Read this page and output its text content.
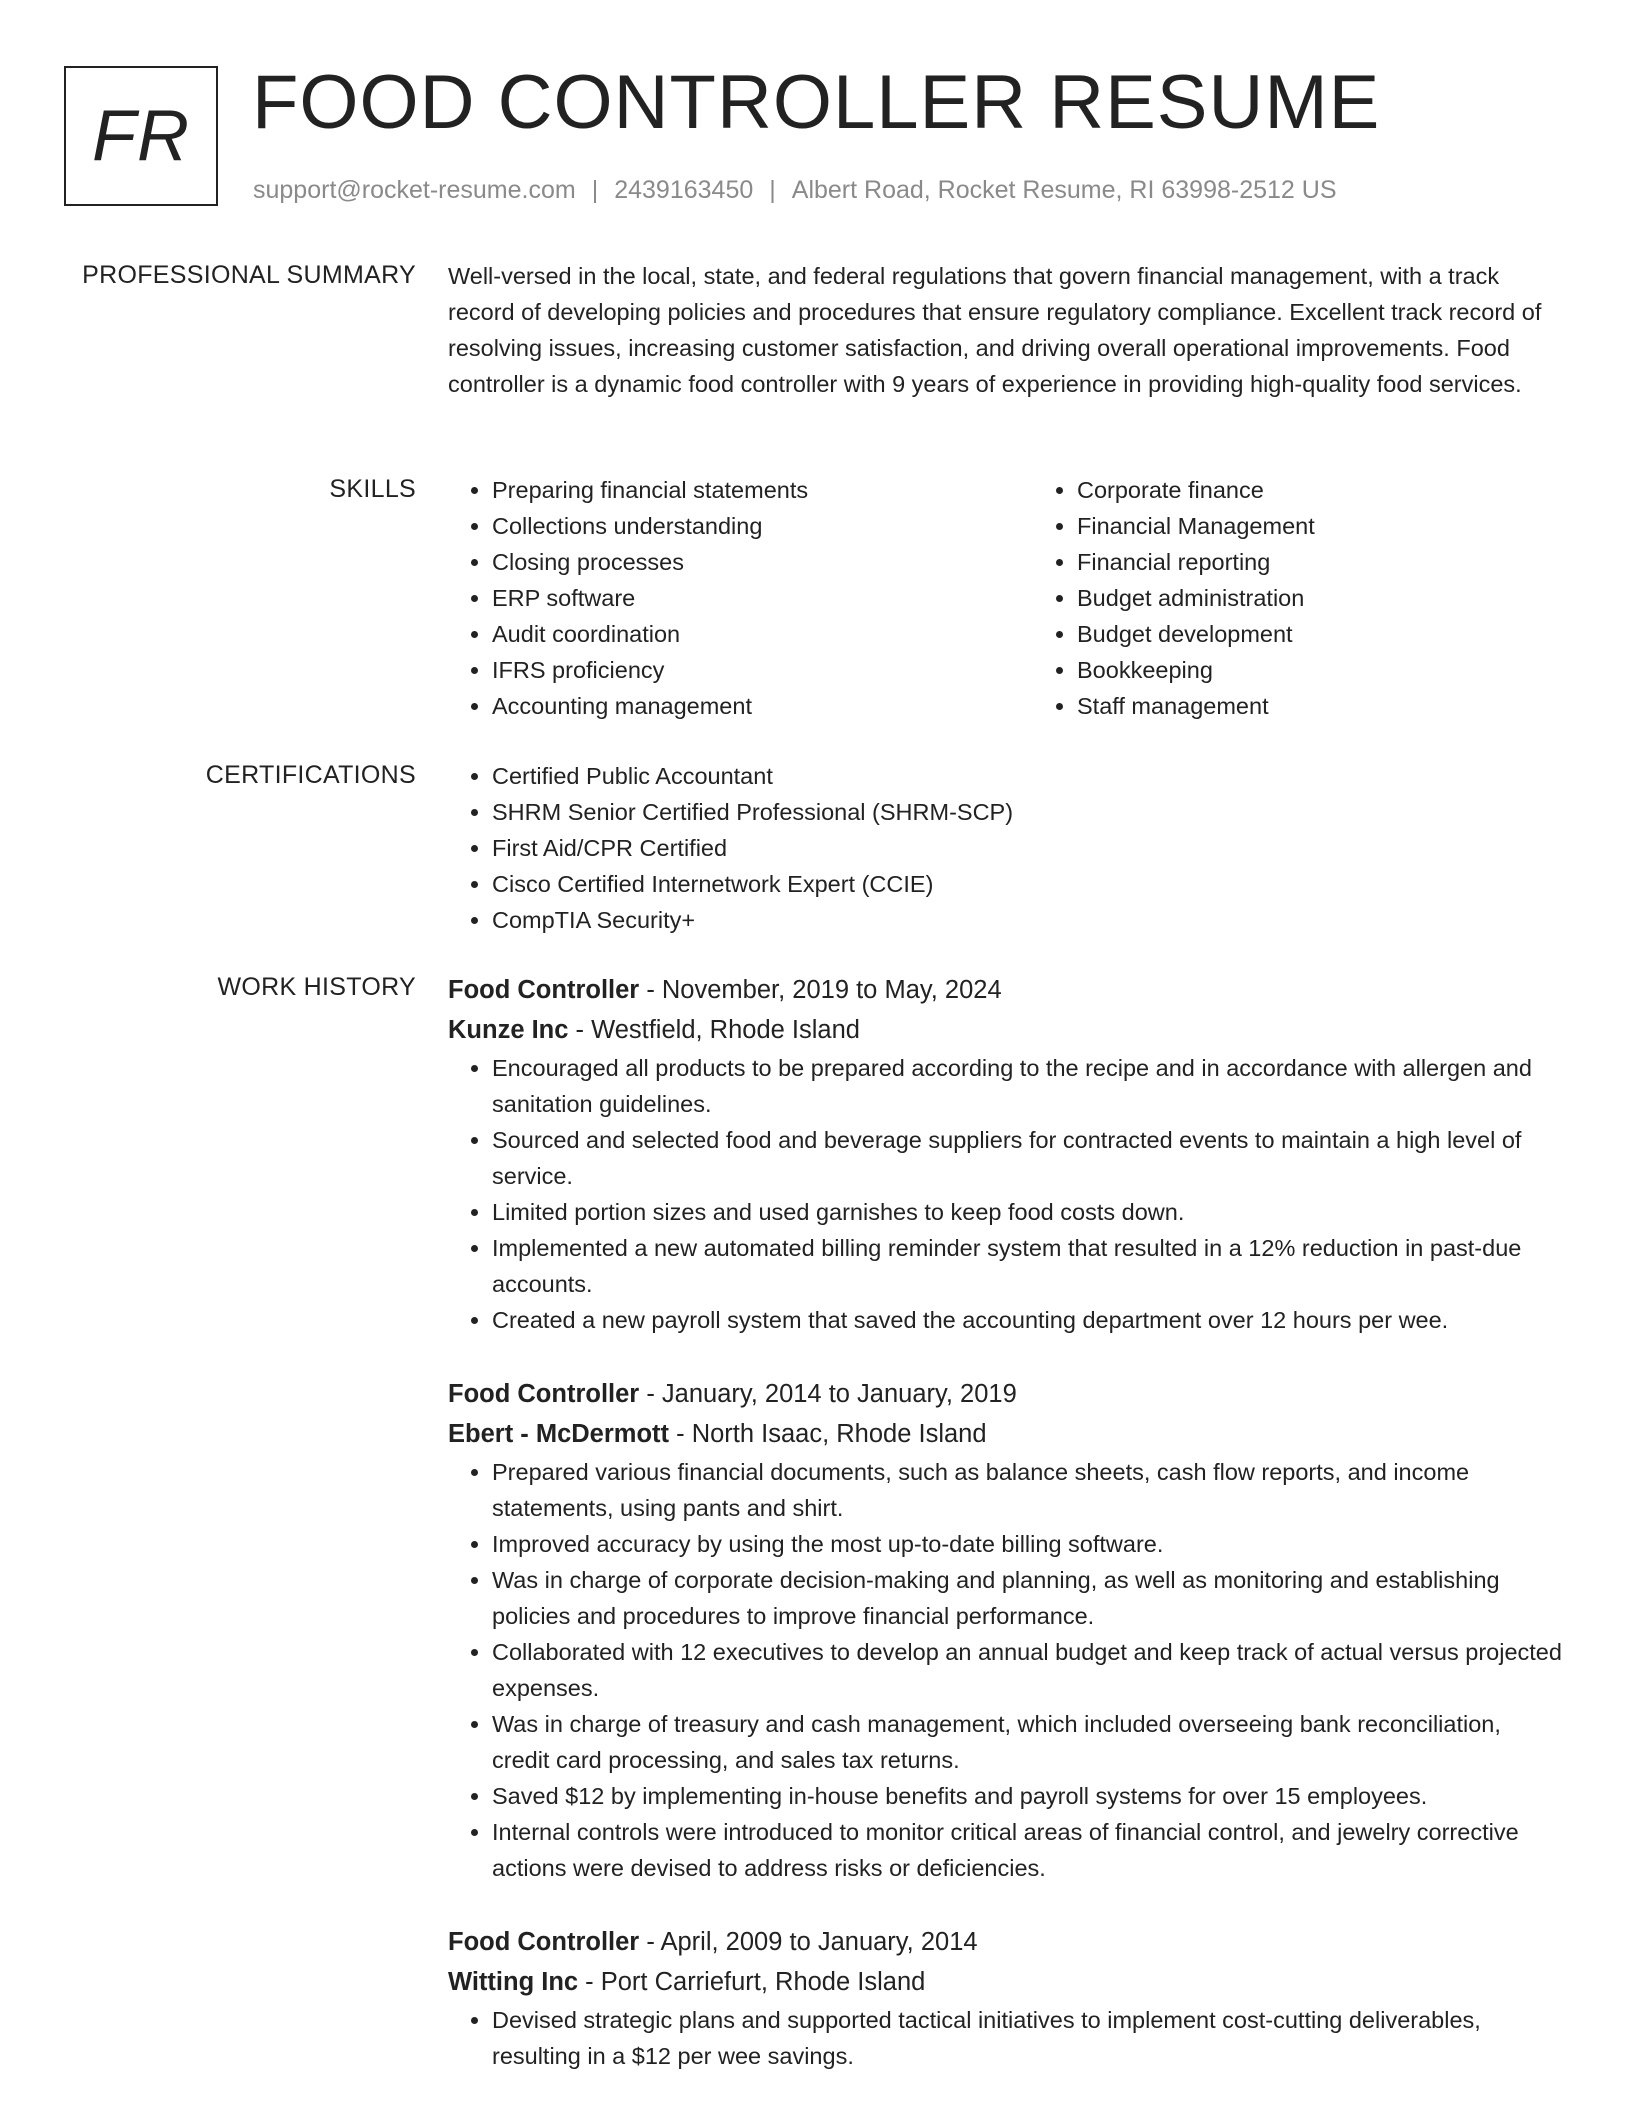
FR FOOD CONTROLLER RESUME
support@rocket-resume.com | 2439163450 | Albert Road, Rocket Resume, RI 63998-2512 US
PROFESSIONAL SUMMARY Well-versed in the local, state, and federal regulations that govern financial management, with a track record of developing policies and procedures that ensure regulatory compliance. Excellent track record of resolving issues, increasing customer satisfaction, and driving overall operational improvements. Food controller is a dynamic food controller with 9 years of experience in providing high-quality food services.

SKILLS	• Preparing financial statements
• Collections understanding
• Closing processes
• ERP software
• Audit coordination
• IFRS proficiency
• Accounting management
• Corporate finance
• Financial Management
• Financial reporting
• Budget administration
• Budget development
• Bookkeeping
• Staff management
CERTIFICATIONS	• Certified Public Accountant
• SHRM Senior Certified Professional (SHRM-SCP)
• First Aid/CPR Certified
• Cisco Certified Internetwork Expert (CCIE)
• CompTIA Security+
WORK HISTORY Food Controller - November, 2019 to May, 2024
Kunze Inc - Westfield, Rhode Island
• Encouraged all products to be prepared according to the recipe and in accordance with allergen and sanitation guidelines.
• Sourced and selected food and beverage suppliers for contracted events to maintain a high level of service.
• Limited portion sizes and used garnishes to keep food costs down.
• Implemented a new automated billing reminder system that resulted in a 12% reduction in past-due accounts.
• Created a new payroll system that saved the accounting department over 12 hours per wee.
Food Controller - January, 2014 to January, 2019
Ebert - McDermott - North Isaac, Rhode Island
• Prepared various financial documents, such as balance sheets, cash flow reports, and income statements, using pants and shirt.
• Improved accuracy by using the most up-to-date billing software.
• Was in charge of corporate decision-making and planning, as well as monitoring and establishing policies and procedures to improve financial performance.
• Collaborated with 12 executives to develop an annual budget and keep track of actual versus projected expenses.
• Was in charge of treasury and cash management, which included overseeing bank reconciliation, credit card processing, and sales tax returns.
• Saved $12 by implementing in-house benefits and payroll systems for over 15 employees.
• Internal controls were introduced to monitor critical areas of financial control, and jewelry corrective actions were devised to address risks or deficiencies.
Food Controller - April, 2009 to January, 2014
Witting Inc - Port Carriefurt, Rhode Island
• Devised strategic plans and supported tactical initiatives to implement cost-cutting deliverables, resulting in a $12 per wee savings.
